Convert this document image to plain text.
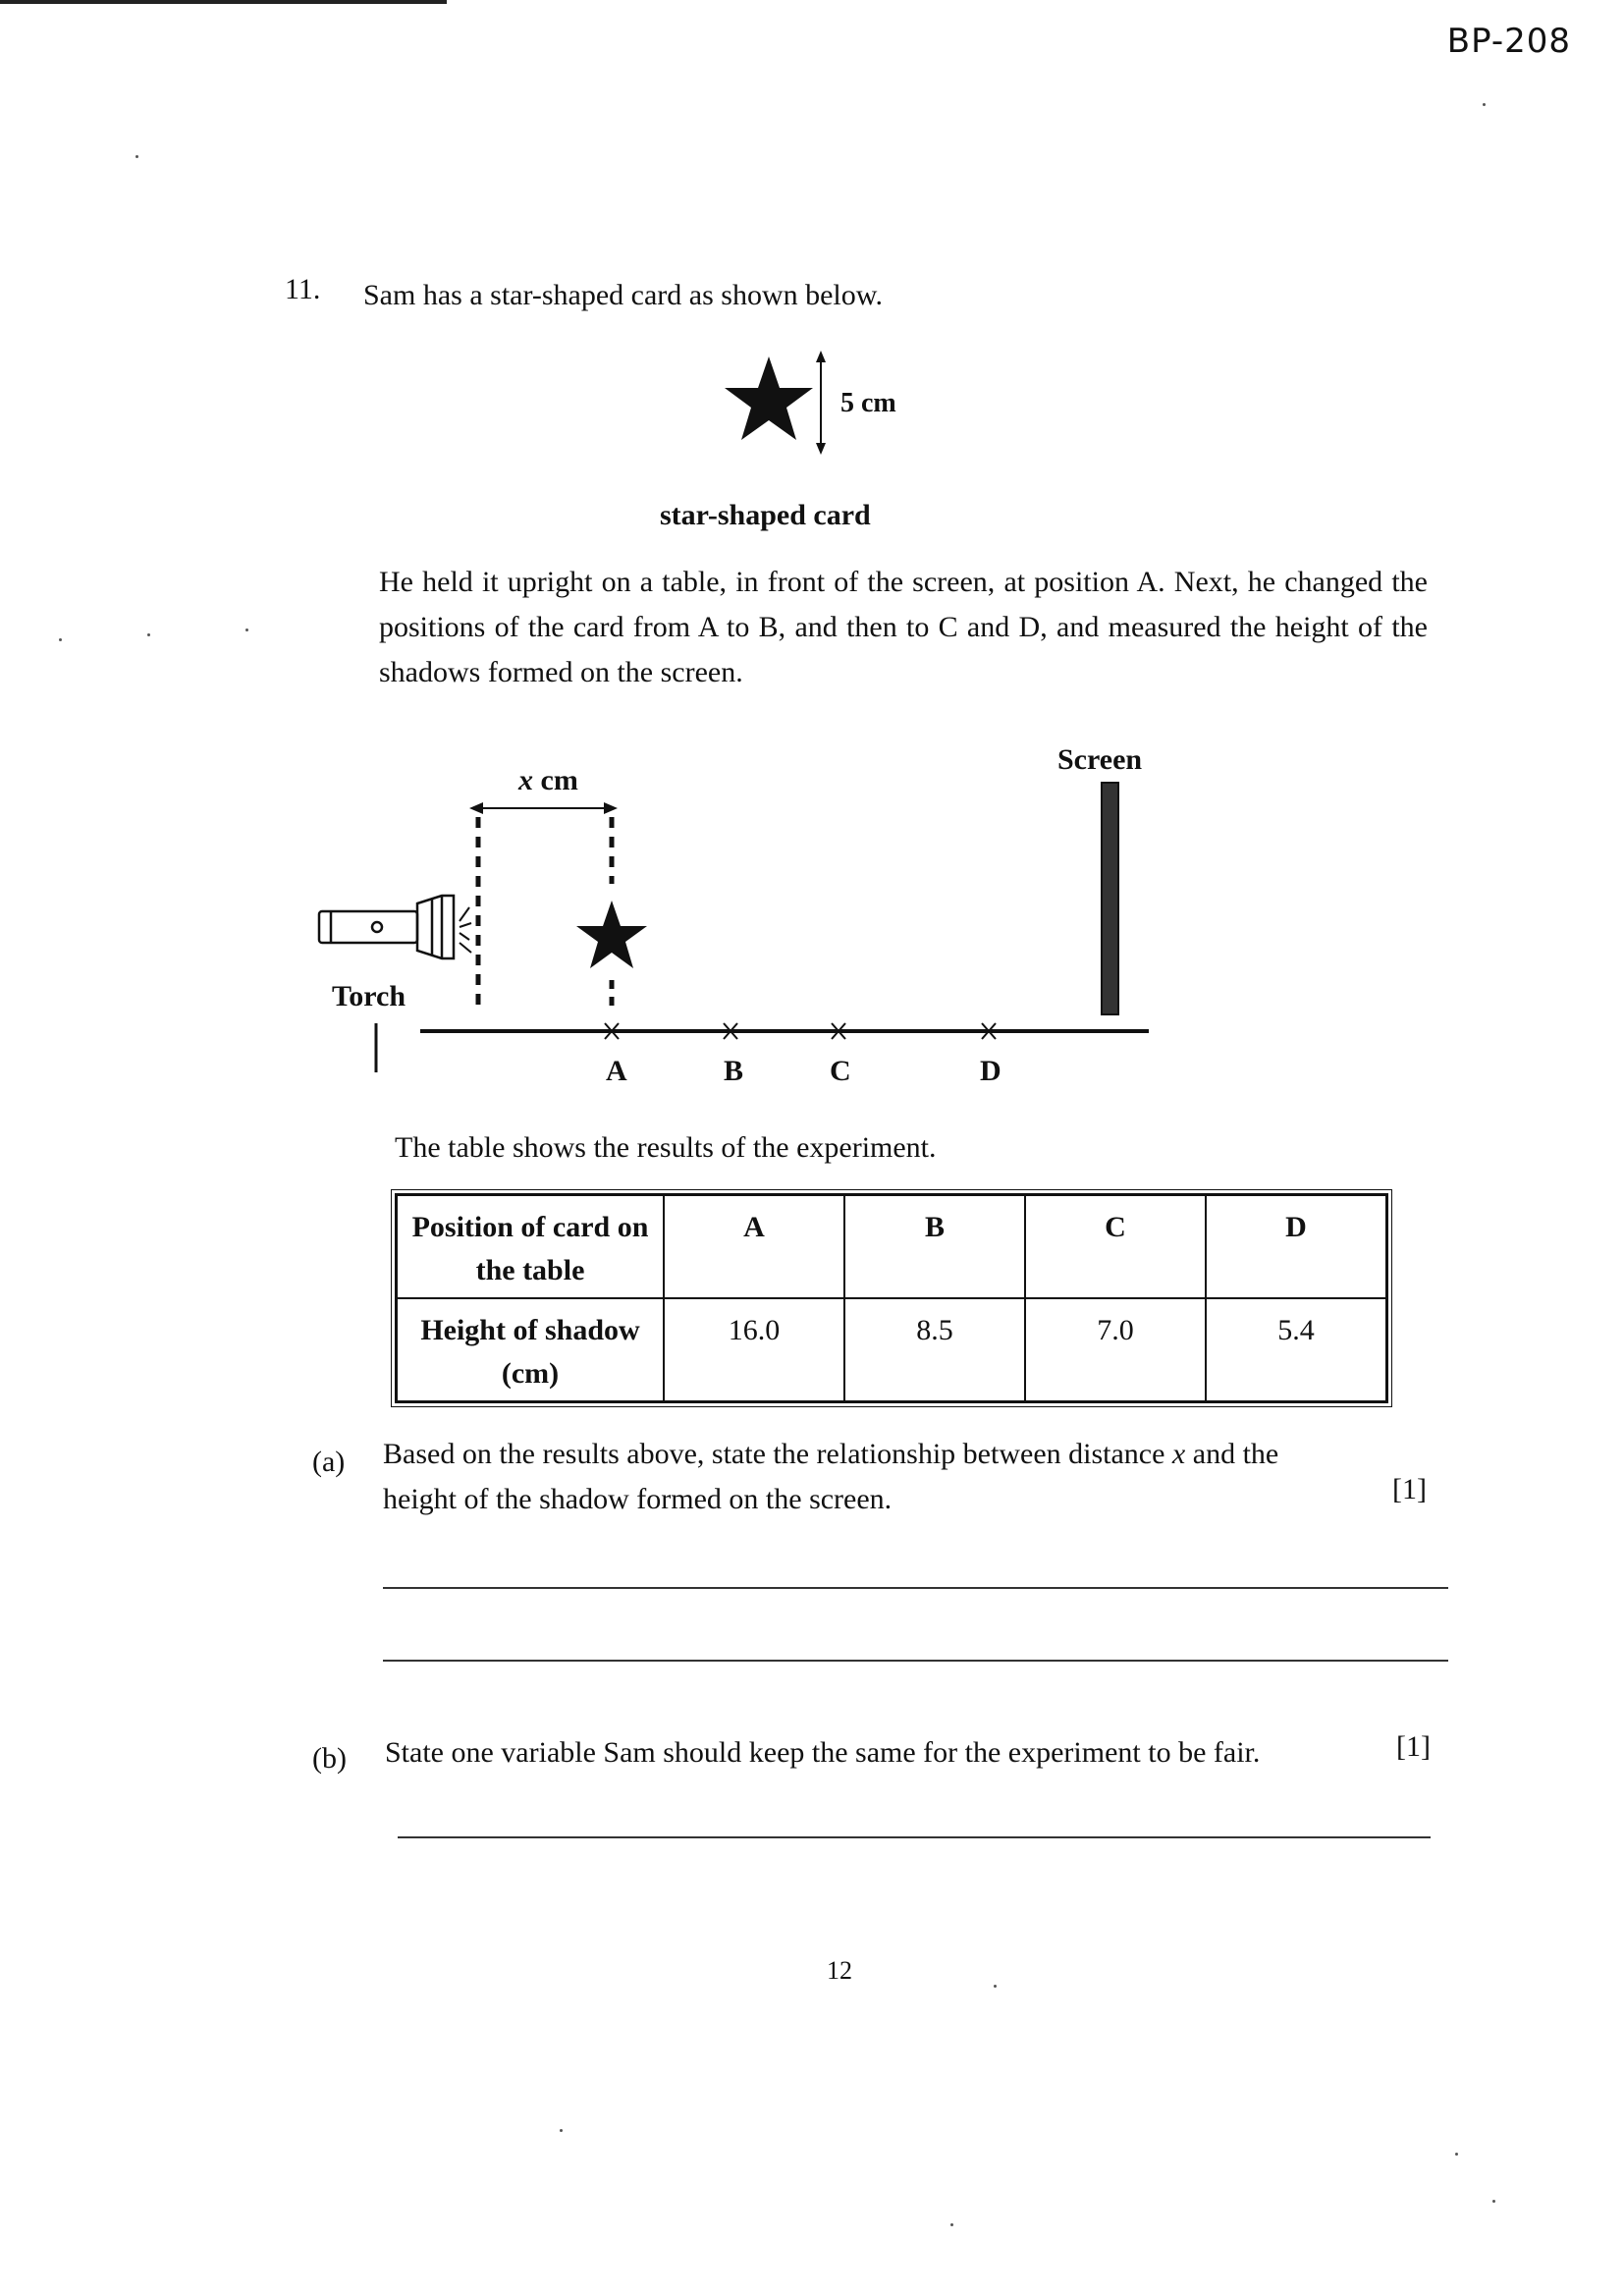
BP-208
11. Sam has a star-shaped card as shown below.
5 cm
star-shaped card
He held it upright on a table, in front of the screen, at position A. Next, he changed the positions of the card from A to B, and then to C and D, and measured the height of the shadows formed on the screen.
x cm
Screen
Torch
A	B	C	D
The table shows the results of the experiment.
Position of card on the table	A	B	C	D
Height of shadow (cm)	16.0	8.5	7.0	5.4
(a) Based on the results above, state the relationship between distance x and the height of the shadow formed on the screen.	[1]
(b) State one variable Sam should keep the same for the experiment to be fair.	[1]
12
